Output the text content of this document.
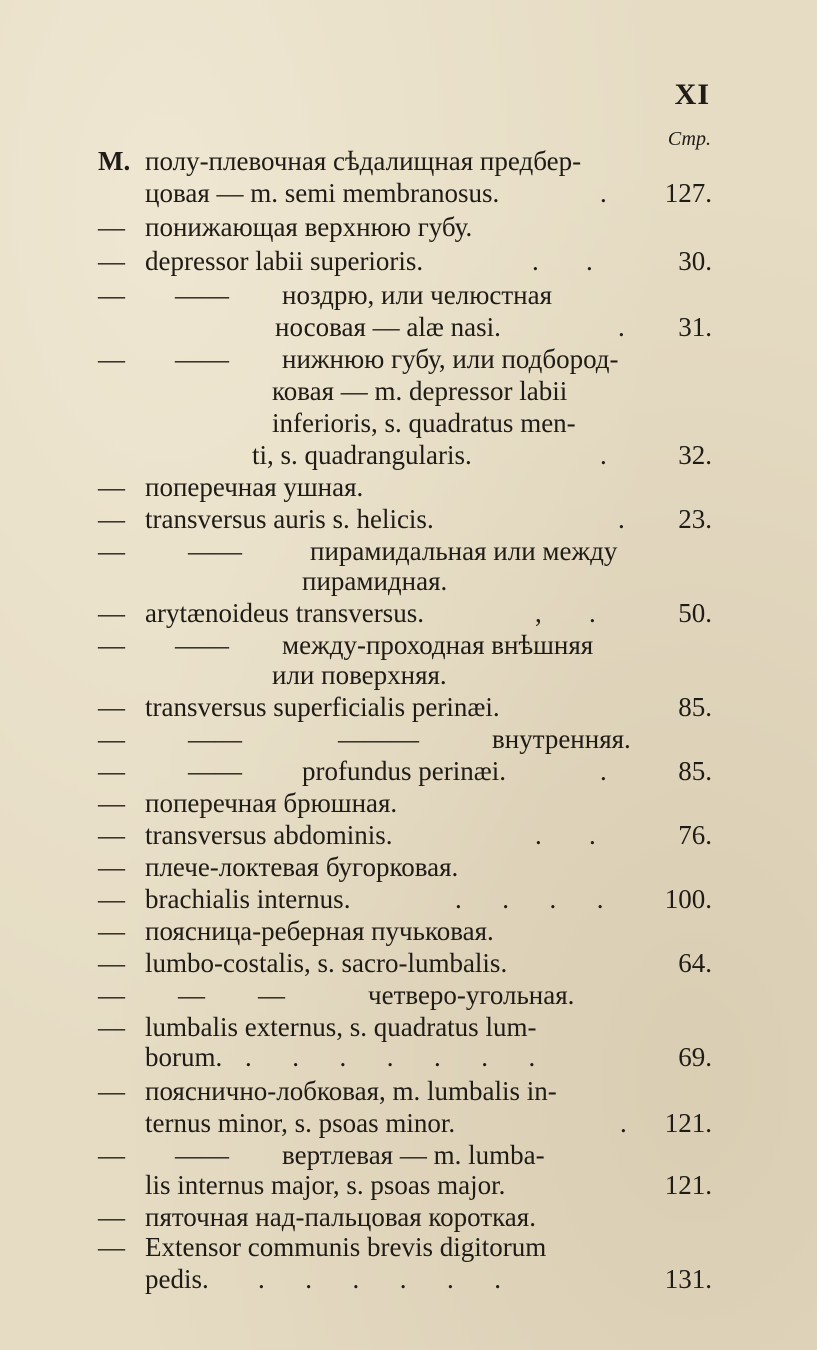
XI
Стр.
M. полу-плевочная сѣдалищная предбер-
цовая — m. semi membranosus.	. 127.
— понижающая верхнюю губу.
— depressor labii superioris.	.       .	30.
— —— ноздрю, или челюстная
носовая — alæ nasi.	. 31.
— —— нижнюю губу, или подбород-
ковая — m. depressor labii
inferioris, s. quadratus men-
ti, s. quadrangularis.	.	32.
— поперечная ушная.
— transversus auris s. helicis.	. 23.
— ——	пирамидальная или между
пирамидная.
— arytænoideus transversus.	,       .	50.
— —— между-проходная внѣшняя
или поверхняя.
— transversus superficialis perinæi.	85.
— ——	———	внутренняя.
— —— profundus perinæi.	.	85.
— поперечная брюшная.
— transversus abdominis.	.       .	76.
— плече-локтевая бугорковая.
— brachialis internus.	.      .      .      . 100.
— поясница-реберная пучьковая.
— lumbo-costalis, s. sacro-lumbalis.	64.
— — —	четверо-угольная.
— lumbalis externus, s. quadratus lum-
borum. .      .      .      .      .      .      .	69.
— поясничнo-лобковая, m. lumbalis in-
ternus minor, s. psoas minor.	. 121.
— —— вертлевая — m. lumba-
lis internus major, s. psoas major.	121.
— пяточная над-пальцовая короткая.
— Extensor communis brevis digitorum
pedis. .      .      .      .      .      .	131.
